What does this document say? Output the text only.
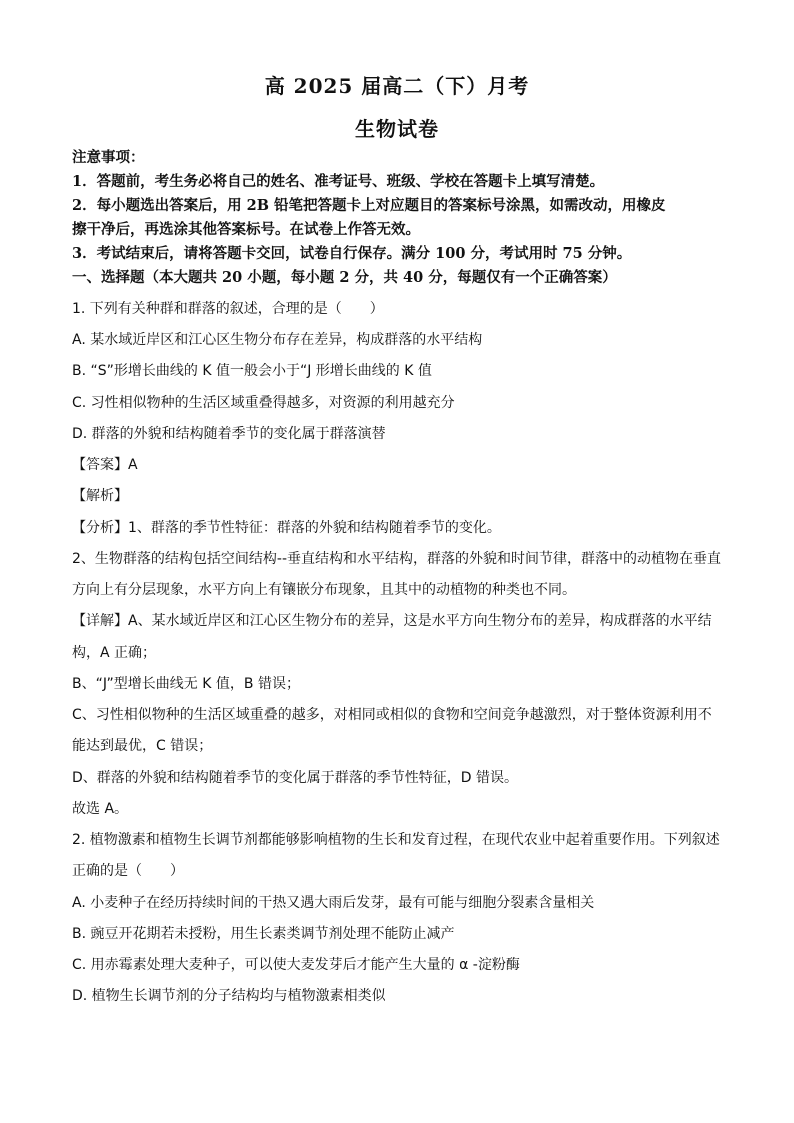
高 2025 届高二（下）月考
生物试卷
注意事项：
1．答题前，考生务必将自己的姓名、准考证号、班级、学校在答题卡上填写清楚。
2．每小题选出答案后，用 2B 铅笔把答题卡上对应题目的答案标号涂黑，如需改动，用橡皮
擦干净后，再选涂其他答案标号。在试卷上作答无效。
3．考试结束后，请将答题卡交回，试卷自行保存。满分 100 分，考试用时 75 分钟。
一、选择题（本大题共 20 小题，每小题 2 分，共 40 分，每题仅有一个正确答案）
1. 下列有关种群和群落的叙述，合理的是（　　）
A. 某水域近岸区和江心区生物分布存在差异，构成群落的水平结构
B. “S”形增长曲线的 K 值一般会小于“J 形增长曲线的 K 值
C. 习性相似物种的生活区域重叠得越多，对资源的利用越充分
D. 群落的外貌和结构随着季节的变化属于群落演替
【答案】A
【解析】
【分析】1、群落的季节性特征：群落的外貌和结构随着季节的变化。
2、生物群落的结构包括空间结构--垂直结构和水平结构，群落的外貌和时间节律，群落中的动植物在垂直
方向上有分层现象，水平方向上有镶嵌分布现象，且其中的动植物的种类也不同。
【详解】A、某水域近岸区和江心区生物分布的差异，这是水平方向生物分布的差异，构成群落的水平结
构，A 正确；
B、“J”型增长曲线无 K 值，B 错误；
C、习性相似物种的生活区域重叠的越多，对相同或相似的食物和空间竞争越激烈，对于整体资源利用不
能达到最优，C 错误；
D、群落的外貌和结构随着季节的变化属于群落的季节性特征，D 错误。
故选 A。
2. 植物激素和植物生长调节剂都能够影响植物的生长和发育过程，在现代农业中起着重要作用。下列叙述
正确的是（　　）
A. 小麦种子在经历持续时间的干热又遇大雨后发芽，最有可能与细胞分裂素含量相关
B. 豌豆开花期若未授粉，用生长素类调节剂处理不能防止减产
C. 用赤霉素处理大麦种子，可以使大麦发芽后才能产生大量的 α -淀粉酶
D. 植物生长调节剂的分子结构均与植物激素相类似
